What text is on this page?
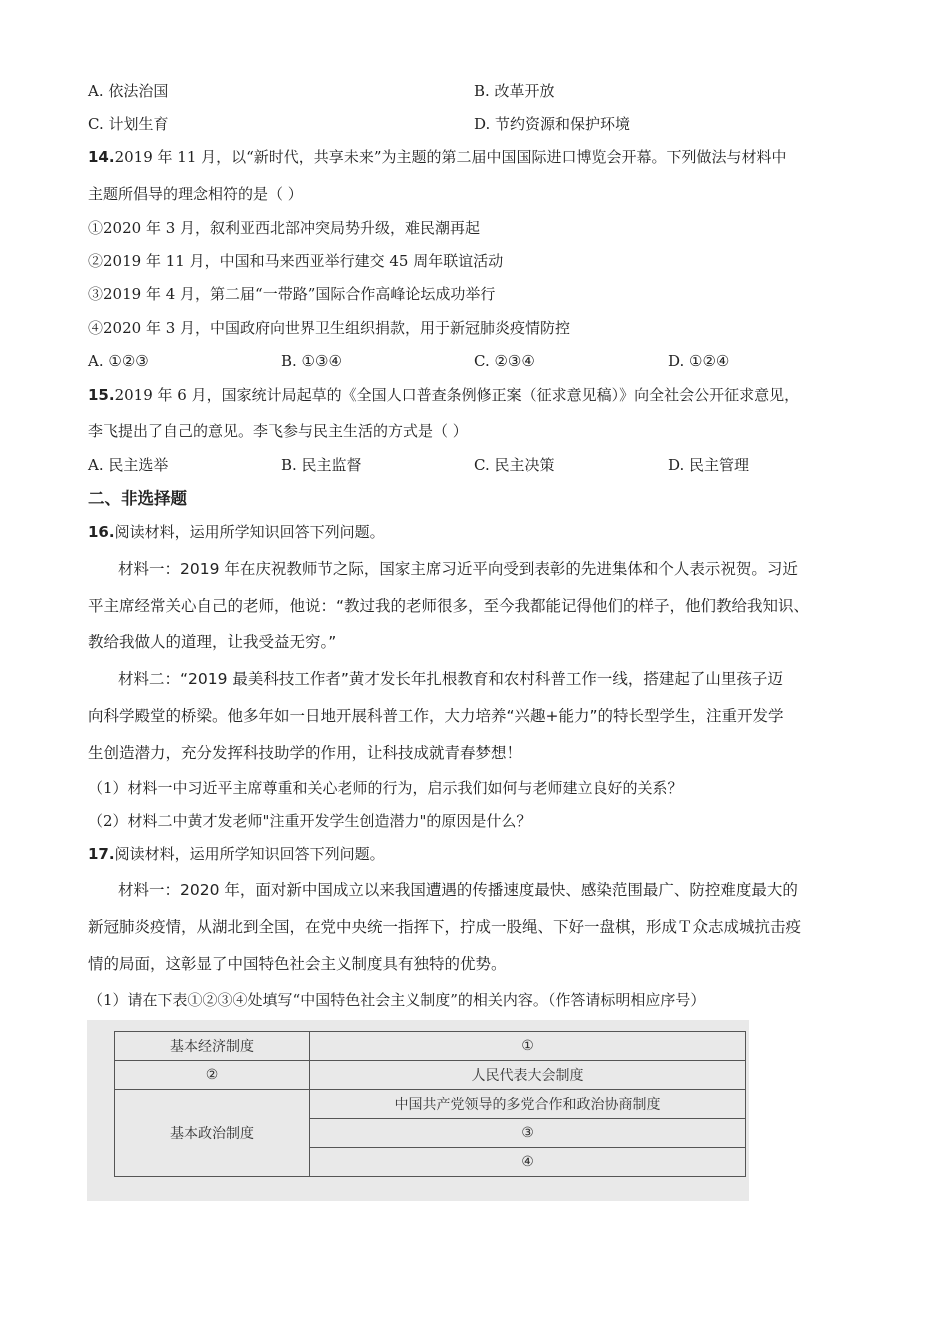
A. 依法治国	B. 改革开放
C. 计划生育	D. 节约资源和保护环境
14.2019 年 11 月，以“新时代，共享未来”为主题的第二届中国国际进口博览会开幕。下列做法与材料中
主题所倡导的理念相符的是（ ）
①2020 年 3 月，叙利亚西北部冲突局势升级，难民潮再起
②2019 年 11 月，中国和马来西亚举行建交 45 周年联谊活动
③2019 年 4 月，第二届“一带路”国际合作高峰论坛成功举行
④2020 年 3 月，中国政府向世界卫生组织捐款，用于新冠肺炎疫情防控
A. ①②③	B. ①③④	C. ②③④	D. ①②④
15.2019 年 6 月，国家统计局起草的《全国人口普查条例修正案（征求意见稿）》向全社会公开征求意见，
李飞提出了自己的意见。李飞参与民主生活的方式是（ ）
A. 民主选举	B. 民主监督	C. 民主决策	D. 民主管理
二、非选择题
16.阅读材料，运用所学知识回答下列问题。
材料一：2019 年在庆祝教师节之际，国家主席习近平向受到表彰的先进集体和个人表示祝贺。习近
平主席经常关心自己的老师，他说：“教过我的老师很多，至今我都能记得他们的样子，他们教给我知识、
教给我做人的道理，让我受益无穷。”
材料二：“2019 最美科技工作者”黄才发长年扎根教育和农村科普工作一线，搭建起了山里孩子迈
向科学殿堂的桥梁。他多年如一日地开展科普工作，大力培养“兴趣+能力”的特长型学生，注重开发学
生创造潜力，充分发挥科技助学的作用，让科技成就青春梦想！
（1）材料一中习近平主席尊重和关心老师的行为，启示我们如何与老师建立良好的关系？
（2）材料二中黄才发老师"注重开发学生创造潜力"的原因是什么？
17.阅读材料，运用所学知识回答下列问题。
材料一：2020 年，面对新中国成立以来我国遭遇的传播速度最快、感染范围最广、防控难度最大的
新冠肺炎疫情，从湖北到全国，在党中央统一指挥下，拧成一股绳、下好一盘棋，形成Ｔ众志成城抗击疫
情的局面，这彰显了中国特色社会主义制度具有独特的优势。
（1）请在下表①②③④处填写“中国特色社会主义制度”的相关内容。（作答请标明相应序号）
基本经济制度	①
②	人民代表大会制度
基本政治制度	中国共产党领导的多党合作和政治协商制度
	③
	④
